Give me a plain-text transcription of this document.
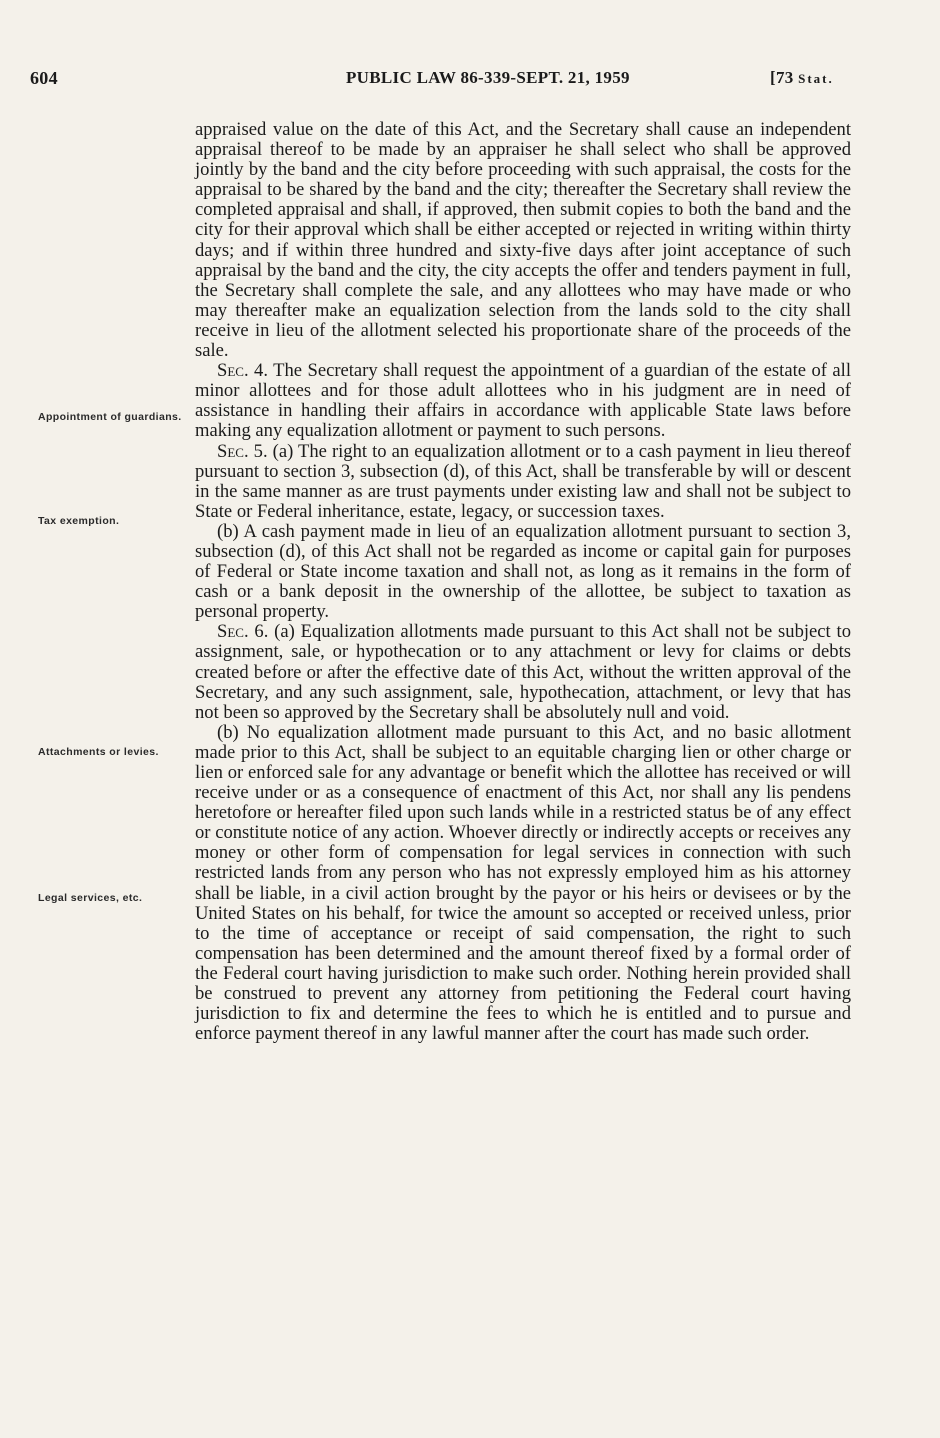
604	PUBLIC LAW 86-339-SEPT. 21, 1959	[73 Stat.
Appointment of guardians.
Tax exemption.
Attachments or levies.
Legal services, etc.

appraised value on the date of this Act, and the Secretary shall cause an independent appraisal thereof to be made by an appraiser he shall select who shall be approved jointly by the band and the city before proceeding with such appraisal, the costs for the appraisal to be shared by the band and the city; thereafter the Secretary shall review the completed appraisal and shall, if approved, then submit copies to both the band and the city for their approval which shall be either accepted or rejected in writing within thirty days; and if within three hundred and sixty-five days after joint acceptance of such appraisal by the band and the city, the city accepts the offer and tenders payment in full, the Secretary shall complete the sale, and any allottees who may have made or who may thereafter make an equalization selection from the lands sold to the city shall receive in lieu of the allotment selected his proportionate share of the proceeds of the sale.

Sec. 4. The Secretary shall request the appointment of a guardian of the estate of all minor allottees and for those adult allottees who in his judgment are in need of assistance in handling their affairs in accordance with applicable State laws before making any equalization allotment or payment to such persons.

Sec. 5. (a) The right to an equalization allotment or to a cash payment in lieu thereof pursuant to section 3, subsection (d), of this Act, shall be transferable by will or descent in the same manner as are trust payments under existing law and shall not be subject to State or Federal inheritance, estate, legacy, or succession taxes.

(b) A cash payment made in lieu of an equalization allotment pursuant to section 3, subsection (d), of this Act shall not be regarded as income or capital gain for purposes of Federal or State income taxation and shall not, as long as it remains in the form of cash or a bank deposit in the ownership of the allottee, be subject to taxation as personal property.

Sec. 6. (a) Equalization allotments made pursuant to this Act shall not be subject to assignment, sale, or hypothecation or to any attachment or levy for claims or debts created before or after the effective date of this Act, without the written approval of the Secretary, and any such assignment, sale, hypothecation, attachment, or levy that has not been so approved by the Secretary shall be absolutely null and void.

(b) No equalization allotment made pursuant to this Act, and no basic allotment made prior to this Act, shall be subject to an equitable charging lien or other charge or lien or enforced sale for any advantage or benefit which the allottee has received or will receive under or as a consequence of enactment of this Act, nor shall any lis pendens heretofore or hereafter filed upon such lands while in a restricted status be of any effect or constitute notice of any action. Whoever directly or indirectly accepts or receives any money or other form of compensation for legal services in connection with such restricted lands from any person who has not expressly employed him as his attorney shall be liable, in a civil action brought by the payor or his heirs or devisees or by the United States on his behalf, for twice the amount so accepted or received unless, prior to the time of acceptance or receipt of said compensation, the right to such compensation has been determined and the amount thereof fixed by a formal order of the Federal court having jurisdiction to make such order. Nothing herein provided shall be construed to prevent any attorney from petitioning the Federal court having jurisdiction to fix and determine the fees to which he is entitled and to pursue and enforce payment thereof in any lawful manner after the court has made such order.
